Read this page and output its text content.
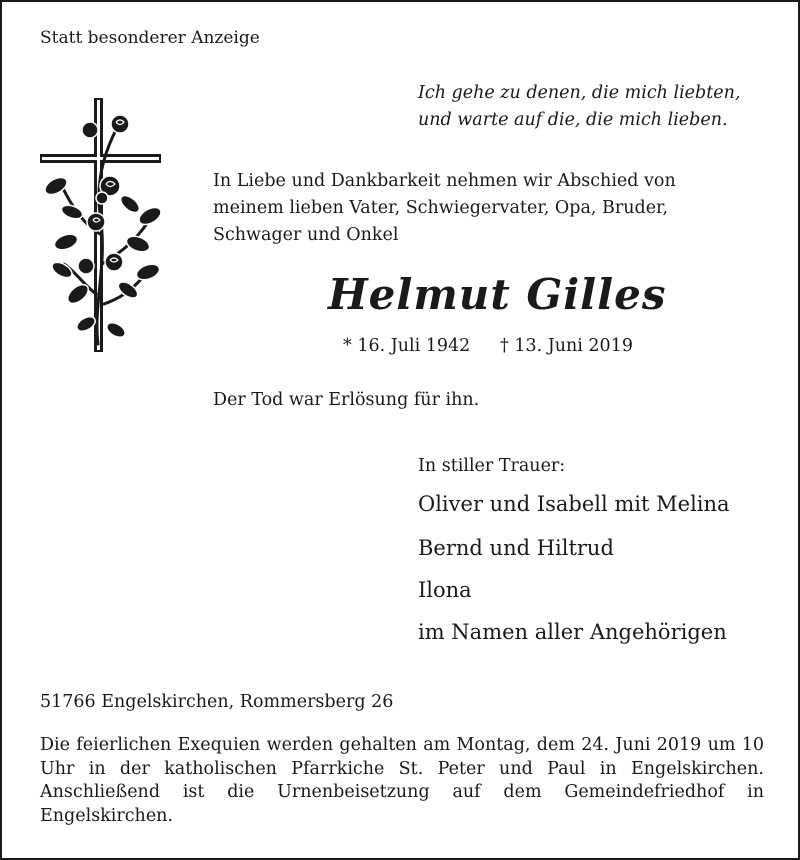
Statt besonderer Anzeige

Ich gehe zu denen, die mich liebten,
und warte auf die, die mich lieben.
In Liebe und Dankbarkeit nehmen wir Abschied von
meinem lieben Vater, Schwiegervater, Opa, Bruder,
Schwager und Onkel
Helmut Gilles

* 16. Juli 1942 † 13. Juni 2019

Der Tod war Erlösung für ihn.

In stiller Trauer:

Oliver und Isabell mit Melina

Bernd und Hiltrud

Ilona

im Namen aller Angehörigen

51766 Engelskirchen, Rommersberg 26

Die feierlichen Exequien werden gehalten am Montag, dem 24. Juni 2019 um 10 Uhr in der katholischen Pfarrkiche St. Peter und Paul in Engelskirchen. Anschließend ist die Urnenbeisetzung auf dem Gemeindefriedhof in Engelskirchen.
